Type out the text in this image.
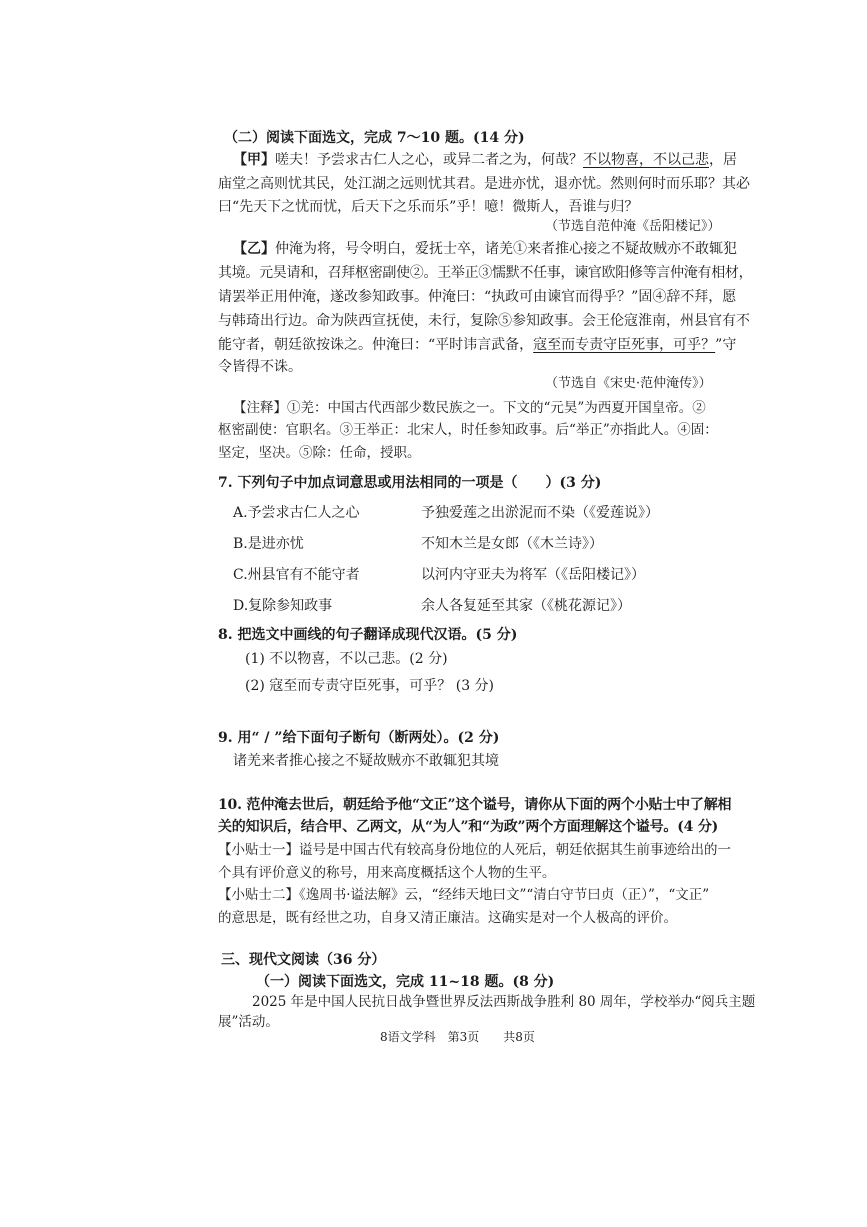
（二）阅读下面选文，完成 7～10 题。(14 分)
【甲】嗟夫！予尝求古仁人之心，或异二者之为，何哉？不以物喜，不以己悲，居
庙堂之高则忧其民，处江湖之远则忧其君。是进亦忧，退亦忧。然则何时而乐耶？其必
曰“先天下之忧而忧，后天下之乐而乐”乎！噫！微斯人，吾谁与归？
（节选自范仲淹《岳阳楼记》）
【乙】仲淹为将，号令明白，爱抚士卒，诸羌①来者推心接之不疑故贼亦不敢辄犯
其境。元昊请和，召拜枢密副使②。王举正③懦默不任事，谏官欧阳修等言仲淹有相材，
请罢举正用仲淹，遂改参知政事。仲淹曰：“执政可由谏官而得乎？”固④辞不拜，愿
与韩琦出行边。命为陕西宣抚使，未行，复除⑤参知政事。会王伦寇淮南，州县官有不
能守者，朝廷欲按诛之。仲淹曰：“平时讳言武备，寇至而专责守臣死事，可乎？”守
令皆得不诛。
（节选自《宋史·范仲淹传》）
【注释】①羌：中国古代西部少数民族之一。下文的“元昊”为西夏开国皇帝。②
枢密副使：官职名。③王举正：北宋人，时任参知政事。后“举正”亦指此人。④固：
坚定，坚决。⑤除：任命，授职。
7. 下列句子中加点词意思或用法相同的一项是（　　）(3 分)
A.予尝求古仁人之心	予独爱莲之出淤泥而不染（《爱莲说》）
B.是进亦忧	不知木兰是女郎（《木兰诗》）
C.州县官有不能守者	以河内守亚夫为将军（《岳阳楼记》）
D.复除参知政事	余人各复延至其家（《桃花源记》）
8. 把选文中画线的句子翻译成现代汉语。(5 分)
(1) 不以物喜，不以己悲。(2 分)
(2) 寇至而专责守臣死事，可乎？ (3 分)
9. 用“ / ”给下面句子断句（断两处）。(2 分)
诸羌来者推心接之不疑故贼亦不敢辄犯其境
10. 范仲淹去世后，朝廷给予他“文正”这个谥号，请你从下面的两个小贴士中了解相
关的知识后，结合甲、乙两文，从“为人”和“为政”两个方面理解这个谥号。(4 分)
【小贴士一】谥号是中国古代有较高身份地位的人死后，朝廷依据其生前事迹给出的一
个具有评价意义的称号，用来高度概括这个人物的生平。
【小贴士二】《逸周书·谥法解》云，“经纬天地曰文”“清白守节曰贞（正）”，“文正”
的意思是，既有经世之功，自身又清正廉洁。这确实是对一个人极高的评价。
三、现代文阅读（36 分）
（一）阅读下面选文，完成 11~18 题。(8 分)
2025 年是中国人民抗日战争暨世界反法西斯战争胜利 80 周年，学校举办“阅兵主题
展”活动。
8语文学科　第3页　　共8页
